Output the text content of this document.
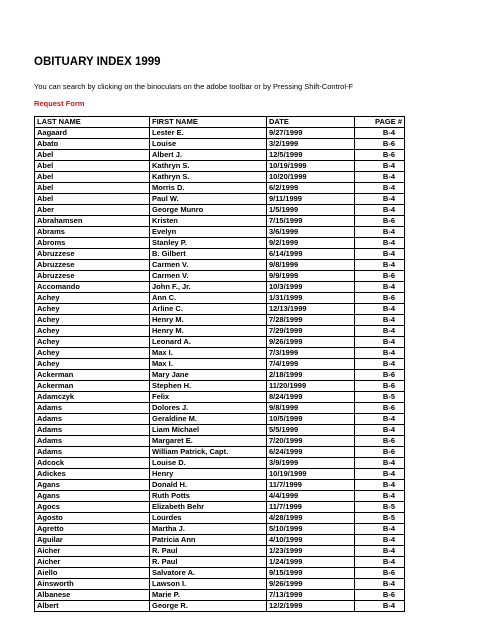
OBITUARY INDEX 1999

You can search by clicking on the binoculars on the adobe toolbar or by Pressing Shift-Control-F

Request Form
LAST NAME	FIRST NAME	DATE	PAGE #
Aagaard	Lester E.	9/27/1999	B-4
Abato	Louise	3/2/1999	B-6
Abel	Albert J.	12/5/1999	B-6
Abel	Kathryn S.	10/19/1999	B-4
Abel	Kathryn S.	10/20/1999	B-4
Abel	Morris D.	6/2/1999	B-4
Abel	Paul W.	9/11/1999	B-4
Aber	George Munro	1/5/1999	B-4
Abrahamsen	Kristen	7/15/1999	B-6
Abrams	Evelyn	3/6/1999	B-4
Abroms	Stanley P.	9/2/1999	B-4
Abruzzese	B. Gilbert	6/14/1999	B-4
Abruzzese	Carmen V.	9/8/1999	B-4
Abruzzese	Carmen V.	9/9/1999	B-6
Accomando	John F., Jr.	10/3/1999	B-4
Achey	Ann C.	1/31/1999	B-6
Achey	Arline C.	12/13/1999	B-4
Achey	Henry M.	7/28/1999	B-4
Achey	Henry M.	7/29/1999	B-4
Achey	Leonard A.	9/26/1999	B-4
Achey	Max I.	7/3/1999	B-4
Achey	Max I.	7/4/1999	B-4
Ackerman	Mary Jane	2/18/1999	B-6
Ackerman	Stephen H.	11/20/1999	B-6
Adamczyk	Felix	8/24/1999	B-5
Adams	Dolores J.	9/8/1999	B-6
Adams	Geraldine M.	10/5/1999	B-4
Adams	Liam Michael	5/5/1999	B-4
Adams	Margaret E.	7/20/1999	B-6
Adams	William Patrick, Capt.	6/24/1999	B-6
Adcock	Louise D.	3/9/1999	B-4
Adickes	Henry	10/19/1999	B-4
Agans	Donald H.	11/7/1999	B-4
Agans	Ruth Potts	4/4/1999	B-4
Agocs	Elizabeth Behr	11/7/1999	B-5
Agosto	Lourdes	4/28/1999	B-5
Agretto	Martha J.	5/10/1999	B-4
Aguilar	Patricia Ann	4/10/1999	B-4
Aicher	R. Paul	1/23/1999	B-4
Aicher	R. Paul	1/24/1999	B-4
Aiello	Salvatore A.	9/15/1999	B-6
Ainsworth	Lawson I.	9/26/1999	B-4
Albanese	Marie P.	7/13/1999	B-6
Albert	George R.	12/2/1999	B-4
